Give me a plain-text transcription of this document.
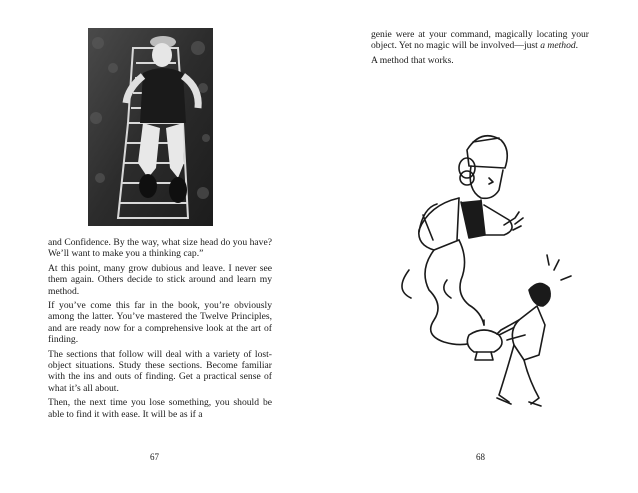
and Confidence. By the way, what size head do you have? We’ll want to make you a thinking cap.”

At this point, many grow dubious and leave. I never see them again. Others decide to stick around and learn my method.

If you’ve come this far in the book, you’re obviously among the latter. You’ve mastered the Twelve Principles, and are ready now for a comprehensive look at the art of finding.

The sections that follow will deal with a variety of lost-object situations. Study these sections. Become familiar with the ins and outs of finding. Get a practical sense of what it’s all about.

Then, the next time you lose something, you should be able to find it with ease. It will be as if a

67

genie were at your command, magically locating your object. Yet no magic will be involved—just a method.

A method that works.

68
